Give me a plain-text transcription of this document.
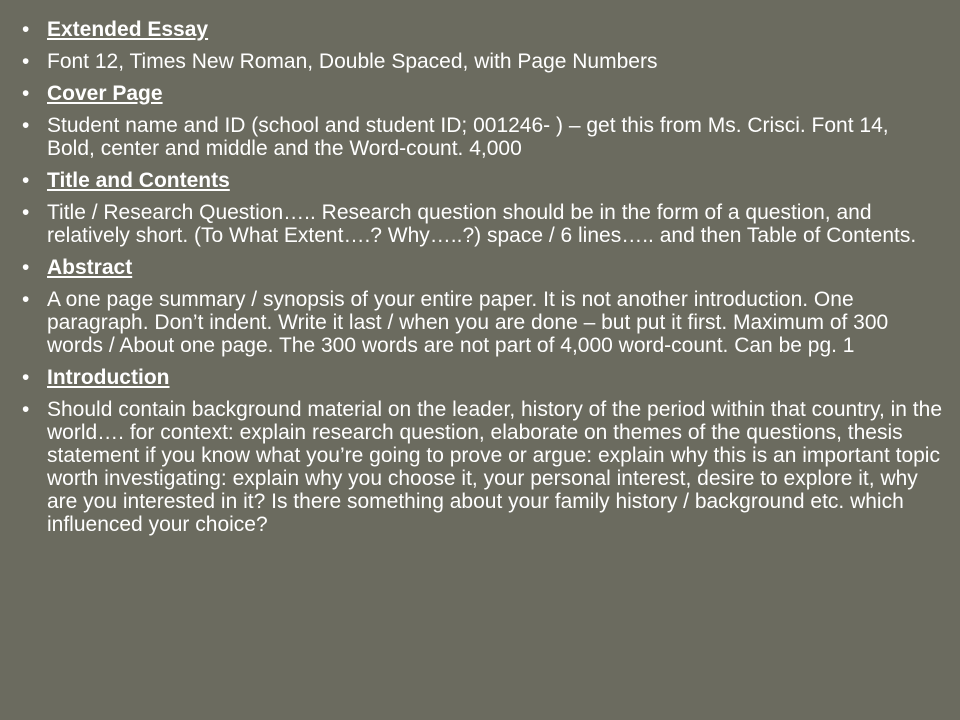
• Extended Essay
• Font 12, Times New Roman, Double Spaced, with Page Numbers
• Cover Page
• Student name and ID (school and student ID; 001246- ) – get this from Ms. Crisci. Font 14, Bold, center and middle and the Word-count. 4,000
• Title and Contents
• Title / Research Question….. Research question should be in the form of a question, and relatively short. (To What Extent….? Why…..?) space / 6 lines….. and then Table of Contents.
• Abstract
• A one page summary / synopsis of your entire paper. It is not another introduction. One paragraph. Don’t indent. Write it last / when you are done – but put it first. Maximum of 300 words / About one page. The 300 words are not part of 4,000 word-count. Can be pg. 1
• Introduction
• Should contain background material on the leader, history of the period within that country, in the world…. for context: explain research question, elaborate on themes of the questions, thesis statement if you know what you’re going to prove or argue: explain why this is an important topic worth investigating: explain why you choose it, your personal interest, desire to explore it, why are you interested in it? Is there something about your family history / background etc. which influenced your choice?
